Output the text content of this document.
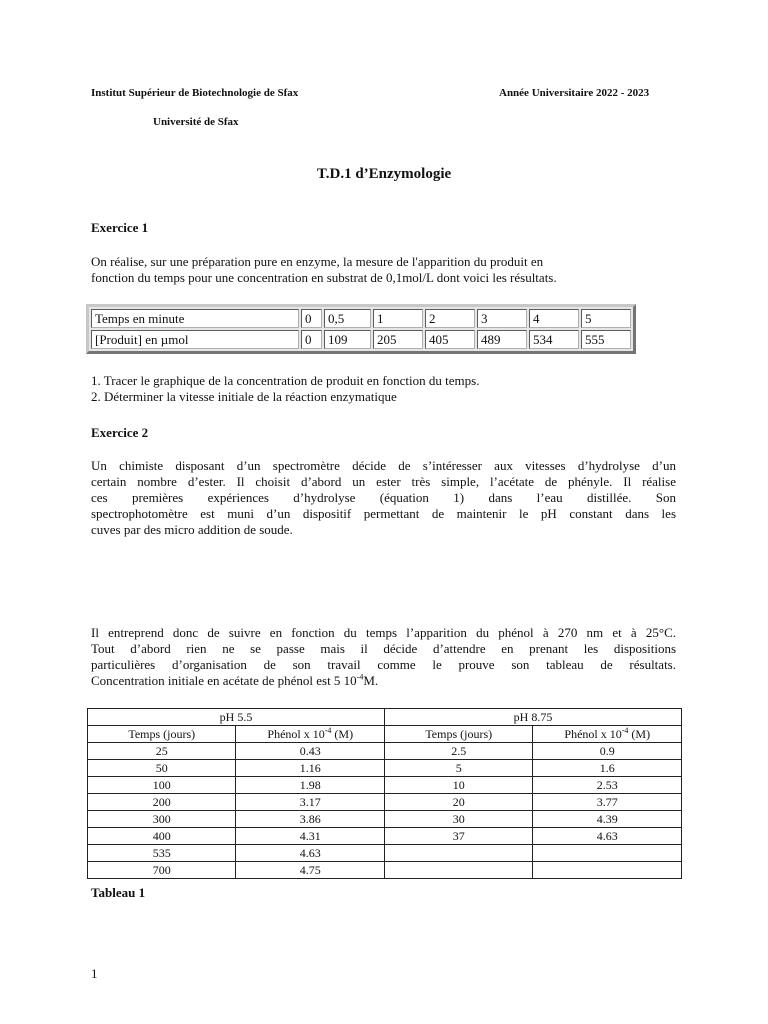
Institut Supérieur de Biotechnologie de Sfax	Année Universitaire 2022 - 2023
Université de Sfax
T.D.1 d’Enzymologie
Exercice 1
On réalise, sur une préparation pure en enzyme, la mesure de l'apparition du produit en
fonction du temps pour une concentration en substrat de 0,1mol/L dont voici les résultats.
Temps en minute	0	0,5	1	2	3	4	5
[Produit] en µmol	0	109	205	405	489	534	555
1. Tracer le graphique de la concentration de produit en fonction du temps.
2. Déterminer la vitesse initiale de la réaction enzymatique
Exercice 2
Un chimiste disposant d’un spectromètre décide de s’intéresser aux vitesses d’hydrolyse d’un
certain nombre d’ester. Il choisit d’abord un ester très simple, l’acétate de phényle. Il réalise
ces premières expériences d’hydrolyse (équation 1) dans l’eau distillée. Son
spectrophotomètre est muni d’un dispositif permettant de maintenir le pH constant dans les
cuves par des micro addition de soude.
Il entreprend donc de suivre en fonction du temps l’apparition du phénol à 270 nm et à 25°C.
Tout d’abord rien ne se passe mais il décide d’attendre en prenant les dispositions
particulières d’organisation de son travail comme le prouve son tableau de résultats.
Concentration initiale en acétate de phénol est 5 $10^{-4}M$.
pH 5.5		pH 8.75	
Temps (jours)	Phénol x $10^{-4}$ (M)	Temps (jours)	Phénol x $10^{-4}$ (M)
25	0.43	2.5	0.9
50	1.16	5	1.6
100	1.98	10	2.53
200	3.17	20	3.77
300	3.86	30	4.39
400	4.31	37	4.63
535	4.63		
700	4.75		
Tableau 1
1
